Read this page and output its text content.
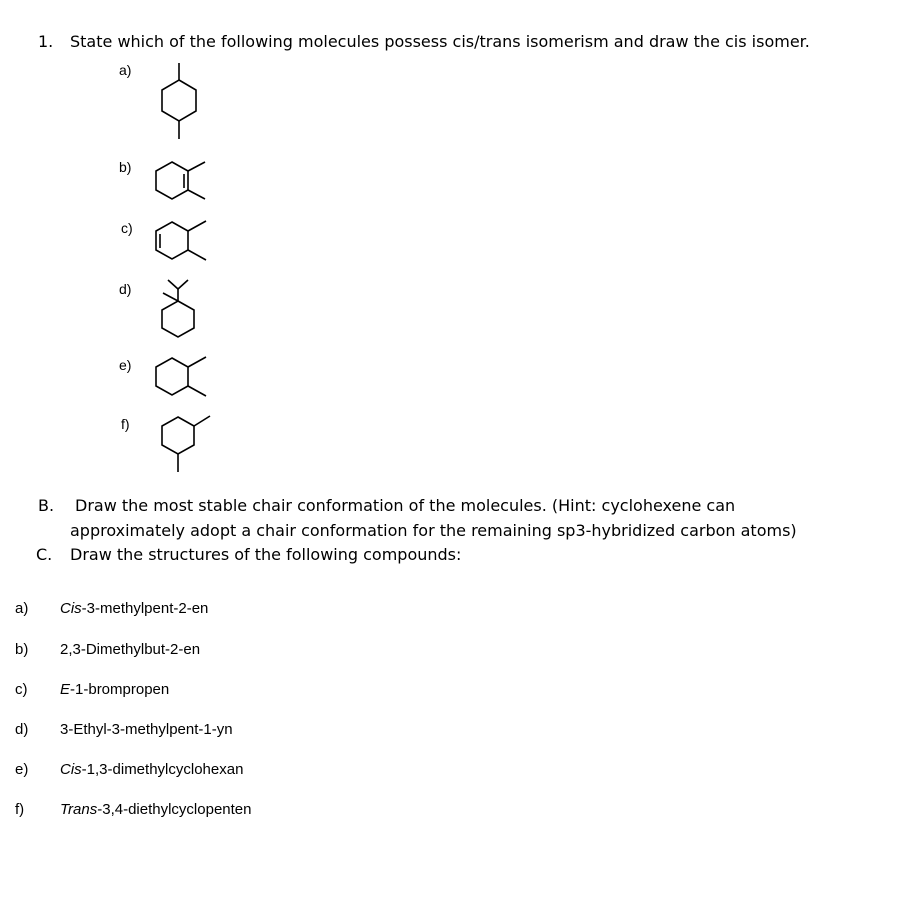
1. State which of the following molecules possess cis/trans isomerism and draw the cis isomer.
a)
b)
c)
d)
e)
f)
B. Draw the most stable chair conformation of the molecules. (Hint: cyclohexene can
approximately adopt a chair conformation for the remaining sp3-hybridized carbon atoms)
C. Draw the structures of the following compounds:
a) Cis-3-methylpent-2-en
b) 2,3-Dimethylbut-2-en
c) E-1-brompropen
d) 3-Ethyl-3-methylpent-1-yn
e) Cis-1,3-dimethylcyclohexan
f) Trans-3,4-diethylcyclopenten
